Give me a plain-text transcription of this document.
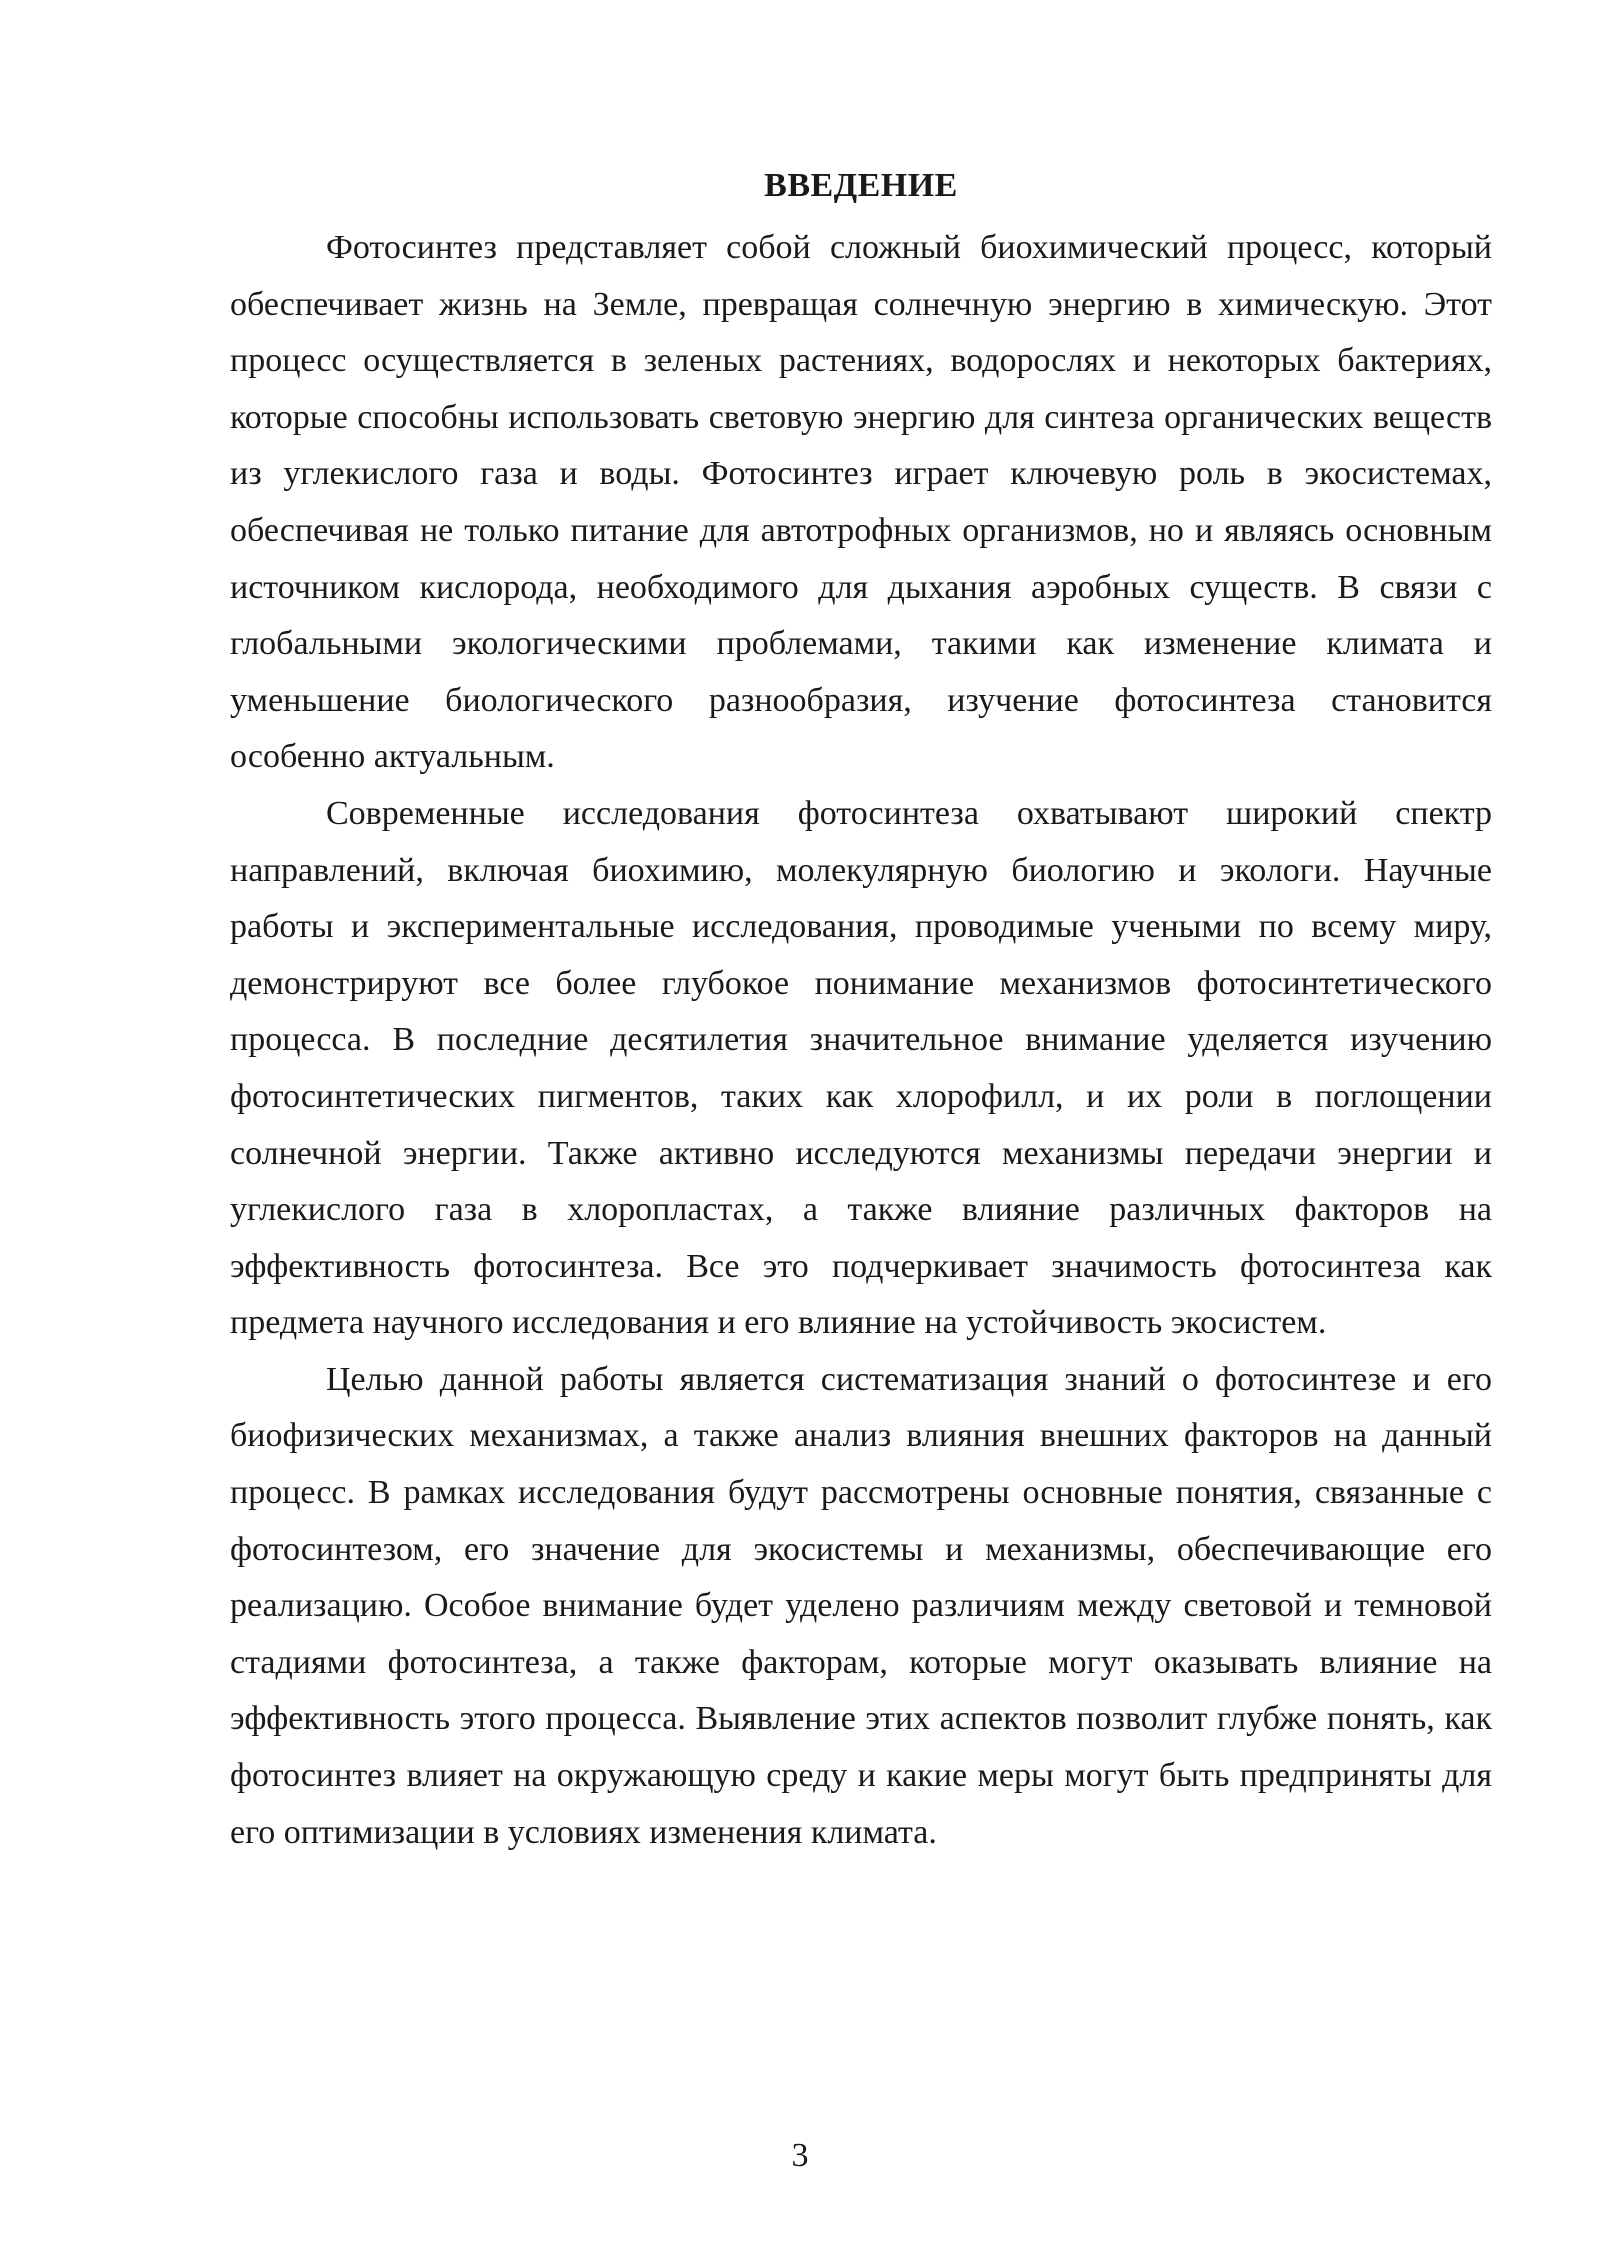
ВВЕДЕНИЕ

Фотосинтез представляет собой сложный биохимический процесс, который обеспечивает жизнь на Земле, превращая солнечную энергию в химическую. Этот процесс осуществляется в зеленых растениях, водорослях и некоторых бактериях, которые способны использовать световую энергию для синтеза органических веществ из углекислого газа и воды. Фотосинтез играет ключевую роль в экосистемах, обеспечивая не только питание для автотрофных организмов, но и являясь основным источником кислорода, необходимого для дыхания аэробных существ. В связи с глобальными экологическими проблемами, такими как изменение климата и уменьшение биологического разнообразия, изучение фотосинтеза становится особенно актуальным.

Современные исследования фотосинтеза охватывают широкий спектр направлений, включая биохимию, молекулярную биологию и экологи. Научные работы и экспериментальные исследования, проводимые учеными по всему миру, демонстрируют все более глубокое понимание механизмов фотосинтетического процесса. В последние десятилетия значительное внимание уделяется изучению фотосинтетических пигментов, таких как хлорофилл, и их роли в поглощении солнечной энергии. Также активно исследуются механизмы передачи энергии и углекислого газа в хлоропластах, а также влияние различных факторов на эффективность фотосинтеза. Все это подчеркивает значимость фотосинтеза как предмета научного исследования и его влияние на устойчивость экосистем.

Целью данной работы является систематизация знаний о фотосинтезе и его биофизических механизмах, а также анализ влияния внешних факторов на данный процесс. В рамках исследования будут рассмотрены основные понятия, связанные с фотосинтезом, его значение для экосистемы и механизмы, обеспечивающие его реализацию. Особое внимание будет уделено различиям между световой и темновой стадиями фотосинтеза, а также факторам, которые могут оказывать влияние на эффективность этого процесса. Выявление этих аспектов позволит глубже понять, как фотосинтез влияет на окружающую среду и какие меры могут быть предприняты для его оптимизации в условиях изменения климата.

3
